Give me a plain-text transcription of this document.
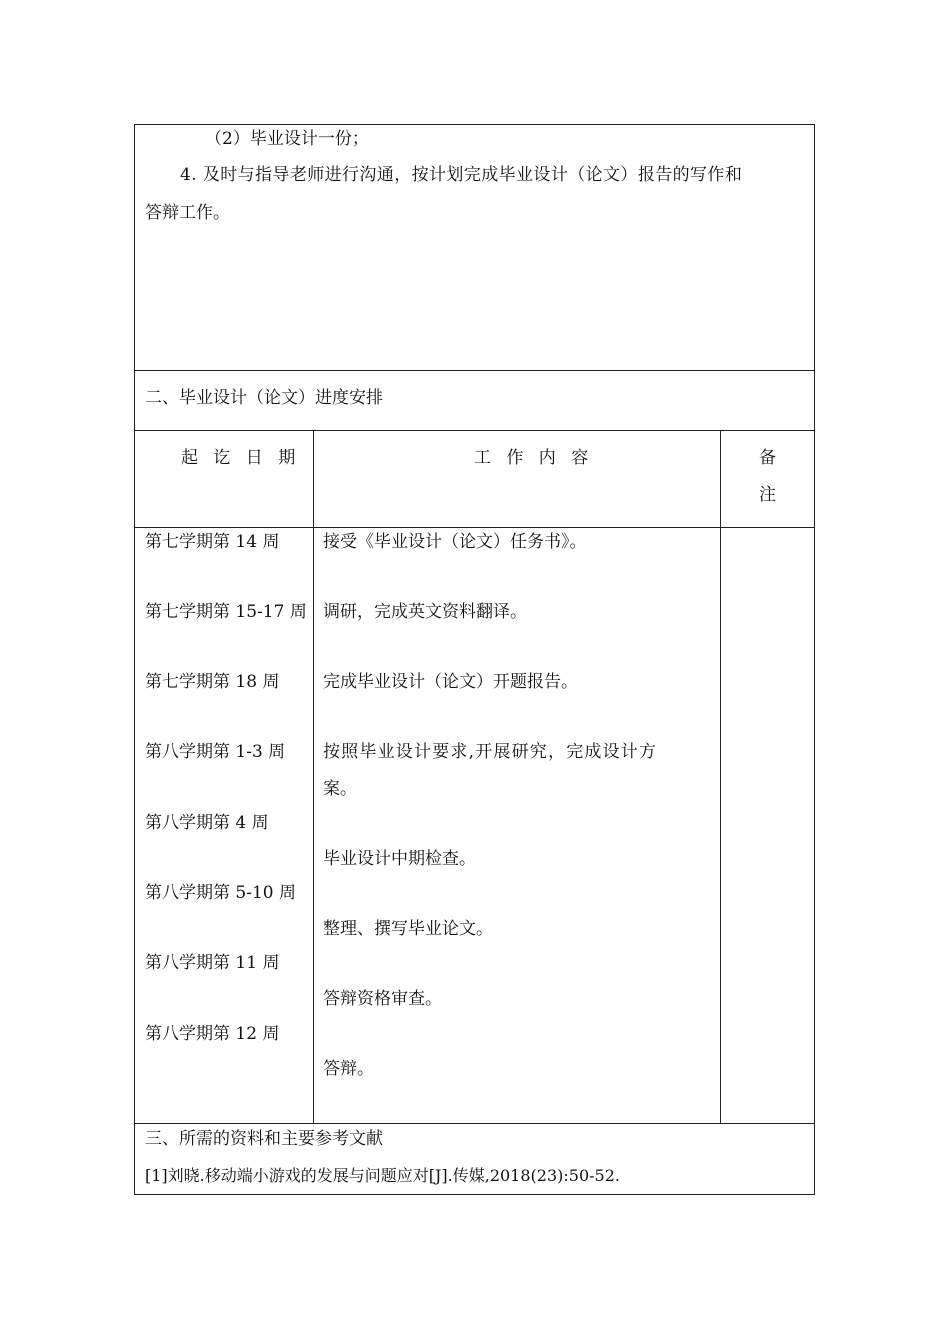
（2）毕业设计一份；
4. 及时与指导老师进行沟通，按计划完成毕业设计（论文）报告的写作和
答辩工作。
二、毕业设计（论文）进度安排
起 讫 日 期	工 作 内 容	备
注
第七学期第 14 周
第七学期第 15-17 周
第七学期第 18 周
第八学期第 1-3 周
第八学期第 4 周
第八学期第 5-10 周
第八学期第 11 周
第八学期第 12 周
接受《毕业设计（论文）任务书》。
调研，完成英文资料翻译。
完成毕业设计（论文）开题报告。
按照毕业设计要求,开展研究，完成设计方
案。
毕业设计中期检查。
整理、撰写毕业论文。
答辩资格审查。
答辩。
三、所需的资料和主要参考文献
[1]刘晓.移动端小游戏的发展与问题应对[J].传媒,2018(23):50-52.
